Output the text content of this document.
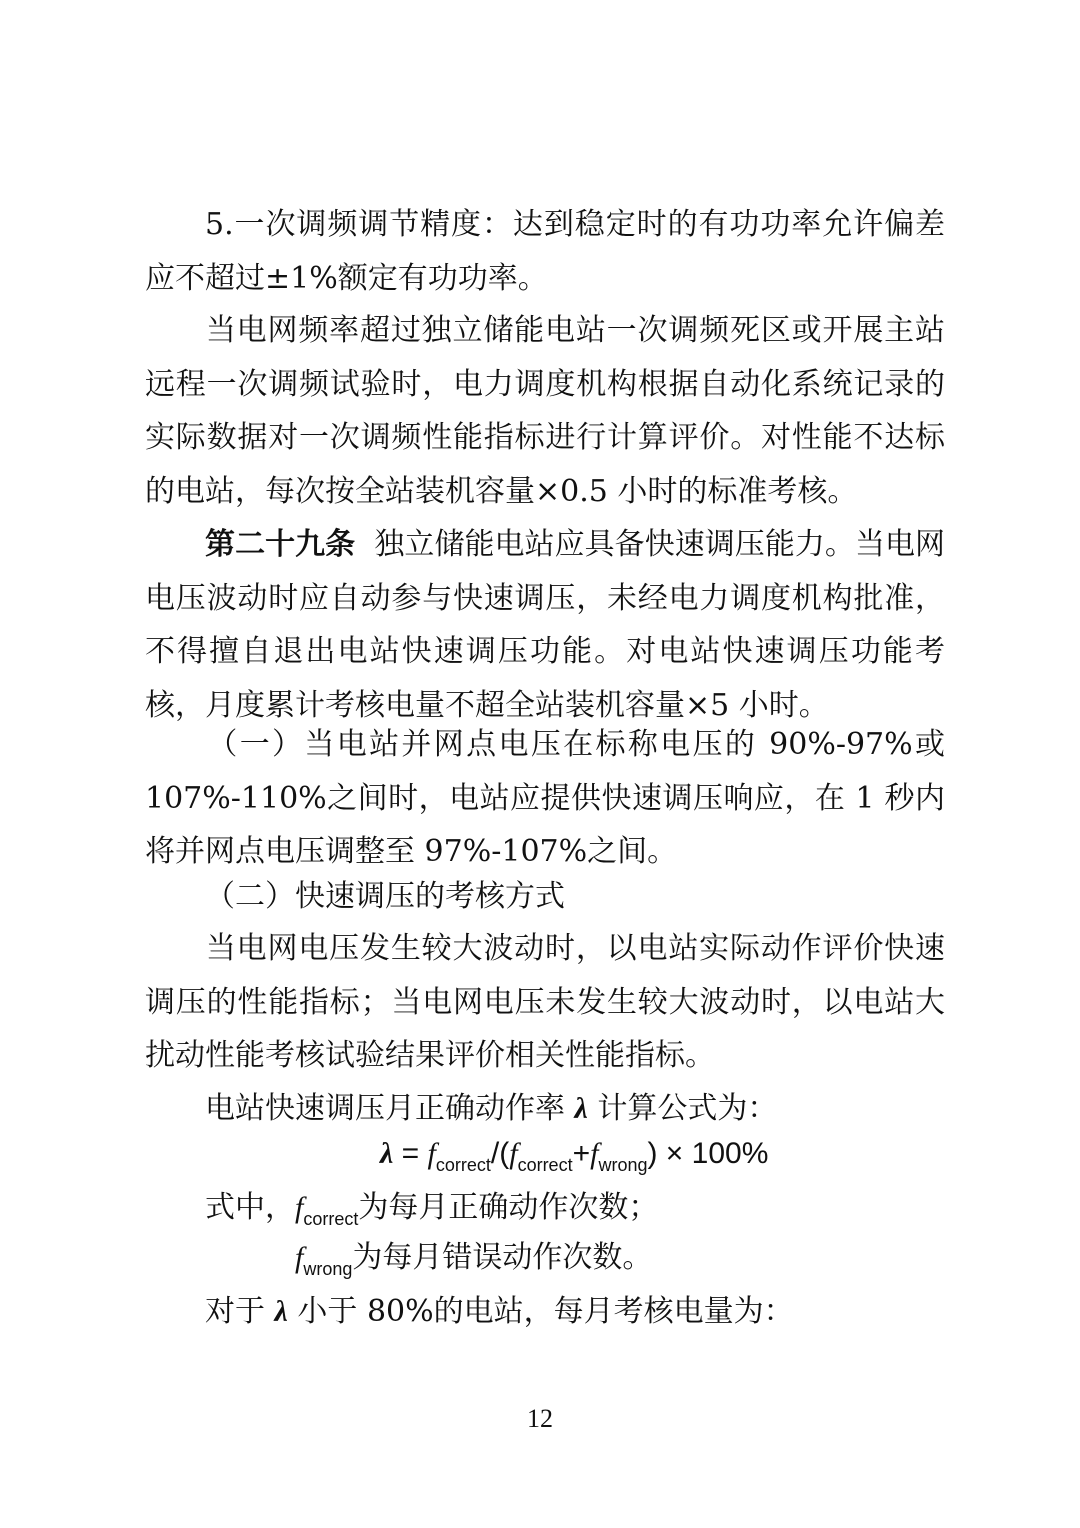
5.一次调频调节精度：达到稳定时的有功功率允许偏差应不超过±1%额定有功功率。
当电网频率超过独立储能电站一次调频死区或开展主站远程一次调频试验时，电力调度机构根据自动化系统记录的实际数据对一次调频性能指标进行计算评价。对性能不达标的电站，每次按全站装机容量×0.5 小时的标准考核。
第二十九条 独立储能电站应具备快速调压能力。当电网电压波动时应自动参与快速调压，未经电力调度机构批准，不得擅自退出电站快速调压功能。对电站快速调压功能考核，月度累计考核电量不超全站装机容量×5 小时。
（一）当电站并网点电压在标称电压的 90%-97%或107%-110%之间时，电站应提供快速调压响应，在 1 秒内将并网点电压调整至 97%-107%之间。
（二）快速调压的考核方式
当电网电压发生较大波动时，以电站实际动作评价快速调压的性能指标；当电网电压未发生较大波动时，以电站大扰动性能考核试验结果评价相关性能指标。
电站快速调压月正确动作率 λ 计算公式为：
$\lambda = f_{correct}/(f_{correct}+f_{wrong}) \times 100\%$
式中，$f_{correct}$为每月正确动作次数；
$f_{wrong}$为每月错误动作次数。
对于 λ 小于 80%的电站，每月考核电量为：
12
